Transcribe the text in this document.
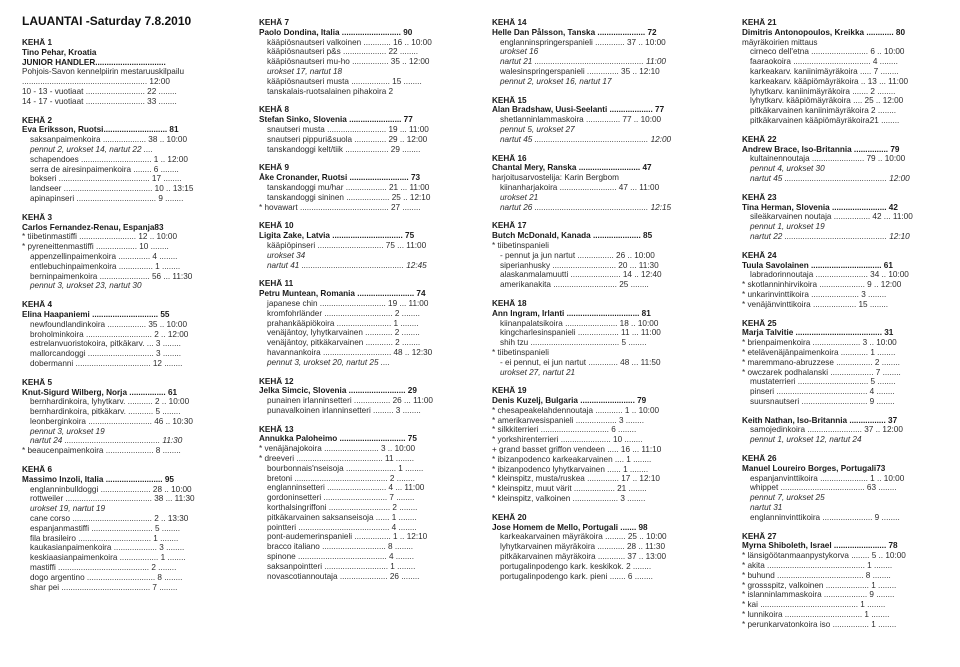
LAUANTAI -Saturday 7.8.2010
KEHÄ 1
Tino Pehar, Kroatia
JUNIOR HANDLER...............................
Pohjois-Savon kennelpiirin mestaruuskilpailu
....................................................... 12:00
10 - 13 - vuotiaat .......................... 22 ........
14 - 17 - vuotiaat .......................... 33 ........
KEHÄ 2
Eva Eriksson, Ruotsi............................ 81
saksanpaimenkoira ................... 38 .. 10:00
pennut 2, urokset 14, nartut 22 ....
schapendoes ............................... 1 .. 12:00
serra de airesinpaimenkoira ........ 6 ........
bokseri ........................................ 17 ........
landseer ....................................... 10 .. 13:15
apinapinseri ................................... 9 ........
KEHÄ 3
Carlos Fernandez-Renau, Espanja83
* tiibetinmastiffi ......................... 12 .. 10:00
* pyreneittenmastiffi .................. 10 ........
appenzellinpaimenkoira .............. 4 ........
entlebuchinpaimenkoira ............... 1 ........
berninpaimenkoira ...................... 56 ... 11:30
pennut 3, urokset 23, nartut 30
KEHÄ 4
Elina Haapaniemi ............................. 55
newfoundlandinkoira ................. 35 .. 10:00
broholminkoira ............................. 2 .. 12:00
estrelanvuoristokoira, pitkäkarv. ... 3 ........
mallorcandoggi ............................. 3 ........
dobermanni ................................. 12 ........
KEHÄ 5
Knut-Sigurd Wilberg, Norja ................ 61
bernhardinkoira, lyhytkarv. ........... 2 .. 10:00
bernhardinkoira, pitkäkarv. ........... 5 ........
leonberginkoira ............................ 46 .. 10:30
pennut 3, urokset 19
nartut 24 .......................................... 11:30
* beaucenpaimenkoira ..................... 8 ........
KEHÄ 6
Massimo Inzoli, Italia ......................... 95
englanninbulldoggi ...................... 28 .. 10:00
rottweiler ...................................... 38 ... 11:30
urokset 19, nartut 19
cane corso ................................... 2 .. 13:30
espanjanmastiffi ........................... 5 ........
fila brasileiro ................................ 1 ........
kaukasianpaimenkoira ................... 3 ........
keskiaasianpaimenkoira ................. 1 ........
mastiffi ........................................ 2 ........
dogo argentino .............................. 8 ........
shar pei ....................................... 7 ........
KEHÄ 7
Paolo Dondina, Italia .......................... 90
kääpiösnautseri valkoinen ............ 16 .. 10:00
kääpiösnautseri p&s ................... 22 ........
kääpiösnautseri mu-ho ................ 35 .. 12:00
urokset 17, nartut 18
kääpiösnautseri musta ................. 15 ........
tanskalais-ruotsalainen pihakoira 2
KEHÄ 8
Stefan Sinko, Slovenia ....................... 77
snautseri musta .......................... 19 ... 11:00
snautseri pippuri&suola .............. 29 .. 12:00
tanskandoggi kelt/tiik ................... 29 ........
KEHÄ 9
Åke Cronander, Ruotsi .......................... 73
tanskandoggi mu/har .................. 21 ... 11:00
tanskandoggi sininen ................... 25 .. 12:10
* hovawart ....................................... 27 ........
KEHÄ 10
Ligita Zake, Latvia ............................... 75
kääpiöpinseri ............................. 75 ... 11:00
urokset 34
nartut 41 ............................................. 12:45
KEHÄ 11
Petru Muntean, Romania ......................... 74
japanese chin ............................. 19 ... 11:00
kromfohrländer .............................. 2 ........
prahankääpiökoira ........................ 1 ........
venäjäntoy, lyhytkarvainen ............ 2 ........
venäjäntoy, pitkäkarvainen ............ 2 ........
havannankoira .............................. 48 .. 12:30
pennut 3, urokset 20, nartut 25 ....
KEHÄ 12
Jelka Simcic, Slovenia ......................... 29
punainen irlanninsetteri ................ 26 ... 11:00
punavalkoinen irlanninsetteri ......... 3 ........
KEHÄ 13
Annukka Paloheimo ............................. 75
* venäjänajokoira ........................ 3 .. 10:00
* dreeveri ...................................... 11 ........
bourbonnais'nseisoja ...................... 1 ........
bretoni ......................................... 2 ........
englanninsetteri .......................... 4 ... 11:00
gordoninsetteri ............................ 7 ........
korthalsingriffoni ........................... 2 ........
pitkäkarvainen saksanseisoja ...... 1 ........
pointteri ........................................ 4 ........
pont-audemerinspanieli ................ 1 .. 12:10
bracco italiano ............................ 8 ........
spinone ....................................... 4 ........
saksanpointteri ............................ 1 ........
novascotiannoutaja ..................... 26 ........
KEHÄ 14
Helle Dan Pålsson, Tanska ..................... 72
englanninspringerspanieli ............. 37 .. 10:00
urokset 16
nartut 21 ................................................ 11:00
walesinspringerspanieli .............. 35 .. 12:10
pennut 2, urokset 16, nartut 17
KEHÄ 15
Alan Bradshaw, Uusi-Seelanti ................... 77
shetlanninlammaskoira ............... 77 .. 10:00
pennut 5, urokset 27
nartut 45 .................................................. 12:00
KEHÄ 16
Chantal Mery, Ranska ........................... 47
harjoitusarvostelija: Karin Bergbom
kiinanharjakoira ......................... 47 ... 11:00
urokset 21
nartut 26 .................................................. 12:15
KEHÄ 17
Butch McDonald, Kanada ..................... 85
* tiibetinspanieli
- pennut ja jun nartut ................ 26 .. 10:00
siperianhusky ............................ 20 ... 11:30
alaskanmalamuutti ...................... 14 .. 12:40
amerikanakita ............................ 25 ........
KEHÄ 18
Ann Ingram, Irlanti ................................ 81
kiinanpalatsikoira ....................... 18 .. 10:00
kingcharlesinspanieli .................. 11 ... 11:00
shih tzu ....................................... 5 ........
* tiibetinspanieli
- ei pennut, ei jun nartut ............. 48 ... 11:50
urokset 27, nartut 21
KEHÄ 19
Denis Kuzelj, Bulgaria ........................ 79
* chesapeakelahdennoutaja ............ 1 .. 10:00
* amerikanvesispanieli .................. 3 ........
* silkkiterrieri .............................. 6 ........
* yorkshirenterrieri ...................... 10 ........
+ grand basset griffon vendeen ..... 16 ... 11:10
* ibizanpodenco karkeakarvainen .... 1 ........
* ibizanpodenco lyhytkarvainen ...... 1 ........
* kleinspitz, musta/ruskea .............. 17 .. 12:10
* kleinspitz, muut värit .................. 21 ........
* kleinspitz, valkoinen .................... 3 ........
KEHÄ 20
Jose Homem de Mello, Portugali ....... 98
karkeakarvainen mäyräkoira ......... 25 .. 10:00
lyhytkarvainen mäyräkoira ............ 28 .. 11:30
pitkäkarvainen mäyräkoira ............ 37 .. 13:00
portugalinpodengo kark. keskikok. 2 ........
portugalinpodengo kark. pieni ....... 6 ........
KEHÄ 21
Dimitris Antonopoulos, Kreikka ............ 80
mäyräkoirien mittaus
cirneco dell'etna ......................... 6 .. 10:00
faaraokoira .................................. 4 ........
karkeakarv. kaniinimäyräkoira ..... 7 ........
karkeakarv. kääpiömäyräkoira .. 13 ... 11:00
lyhytkarv. kaniinimäyräkoira ....... 2 ........
lyhytkarv. kääpiömäyräkoira .... 25 .. 12:00
pitkäkarvainen kaniinimäyräkoira 2 ........
pitkäkarvainen kääpiömäyräkoira21 ........
KEHÄ 22
Andrew Brace, Iso-Britannia ............... 79
kultainennoutaja ....................... 79 .. 10:00
pennut 4, urokset 30
nartut 45 ............................................. 12:00
KEHÄ 23
Tina Herman, Slovenia ........................ 42
sileäkarvainen noutaja ................ 42 ... 11:00
pennut 1, urokset 19
nartut 22 ............................................. 12:10
KEHÄ 24
Tuula Savolainen ............................... 61
labradorinnoutaja ....................... 34 .. 10:00
* skotlanninhirvikoira .................... 9 .. 12:00
* unkarinvinttikoira ..................... 3 ........
* venäjänvinttikoira ................... 15 ........
KEHÄ 25
Marja Talvitie ...................................... 31
* brienpaimenkoira ..................... 3 .. 10:00
* etelävenäjänpaimenkoira ............ 1 ........
* maremmano-abruzzese ................ 2 ........
* owczarek podhalanski ................... 7 ........
mustaterrieri ............................... 5 ........
pinseri ........................................ 4 ........
suursnautseri ............................. 9 ........
Keith Nathan, Iso-Britannia ................ 37
samojedinkoira ........................ 37 .. 12:00
pennut 1, urokset 12, nartut 24
KEHÄ 26
Manuel Loureiro Borges, Portugali73
espanjanvinttikoira ..................... 1 .. 10:00
whippet ..................................... 63 ........
pennut 7, urokset 25
nartut 31
englanninvinttikoira ...................... 9 ........
KEHÄ 27
Myrna Shiboleth, Israel ....................... 78
* länsigöötanmaanpystykorva ........ 5 .. 10:00
* akita ........................................... 1 ........
* buhund ...................................... 8 ........
* grossspitz, valkoinen ................... 1 ........
* islanninlammaskoira ................... 9 ........
* kai ........................................... 1 ........
* lunnikoira .................................. 1 ........
* perunkarvatonkoira iso ................ 1 ........
